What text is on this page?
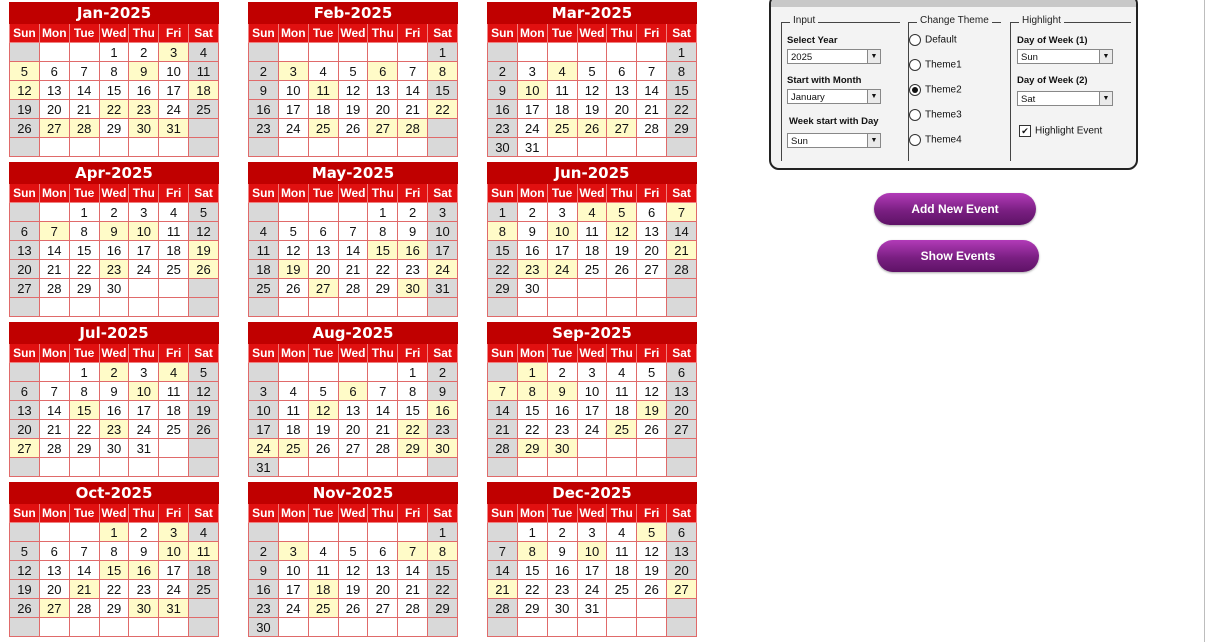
Jan-2025						
Sun	Mon	Tue	Wed	Thu	Fri	Sat
			1	2	3	4
5	6	7	8	9	10	11
12	13	14	15	16	17	18
19	20	21	22	23	24	25
26	27	28	29	30	31	

Feb-2025						
Sun	Mon	Tue	Wed	Thu	Fri	Sat
						1
2	3	4	5	6	7	8
9	10	11	12	13	14	15
16	17	18	19	20	21	22
23	24	25	26	27	28	

Mar-2025						
Sun	Mon	Tue	Wed	Thu	Fri	Sat
						1
2	3	4	5	6	7	8
9	10	11	12	13	14	15
16	17	18	19	20	21	22
23	24	25	26	27	28	29
30	31					
Apr-2025						
Sun	Mon	Tue	Wed	Thu	Fri	Sat
		1	2	3	4	5
6	7	8	9	10	11	12
13	14	15	16	17	18	19
20	21	22	23	24	25	26
27	28	29	30			

May-2025						
Sun	Mon	Tue	Wed	Thu	Fri	Sat
				1	2	3
4	5	6	7	8	9	10
11	12	13	14	15	16	17
18	19	20	21	22	23	24
25	26	27	28	29	30	31

Jun-2025						
Sun	Mon	Tue	Wed	Thu	Fri	Sat
1	2	3	4	5	6	7
8	9	10	11	12	13	14
15	16	17	18	19	20	21
22	23	24	25	26	27	28
29	30					

Jul-2025						
Sun	Mon	Tue	Wed	Thu	Fri	Sat
		1	2	3	4	5
6	7	8	9	10	11	12
13	14	15	16	17	18	19
20	21	22	23	24	25	26
27	28	29	30	31		

Aug-2025						
Sun	Mon	Tue	Wed	Thu	Fri	Sat
					1	2
3	4	5	6	7	8	9
10	11	12	13	14	15	16
17	18	19	20	21	22	23
24	25	26	27	28	29	30
31						
Sep-2025						
Sun	Mon	Tue	Wed	Thu	Fri	Sat
	1	2	3	4	5	6
7	8	9	10	11	12	13
14	15	16	17	18	19	20
21	22	23	24	25	26	27
28	29	30				

Oct-2025						
Sun	Mon	Tue	Wed	Thu	Fri	Sat
			1	2	3	4
5	6	7	8	9	10	11
12	13	14	15	16	17	18
19	20	21	22	23	24	25
26	27	28	29	30	31	

Nov-2025						
Sun	Mon	Tue	Wed	Thu	Fri	Sat
						1
2	3	4	5	6	7	8
9	10	11	12	13	14	15
16	17	18	19	20	21	22
23	24	25	26	27	28	29
30						
Dec-2025						
Sun	Mon	Tue	Wed	Thu	Fri	Sat
	1	2	3	4	5	6
7	8	9	10	11	12	13
14	15	16	17	18	19	20
21	22	23	24	25	26	27
28	29	30	31			

Input
Select Year
2025	▼
Start with Month
January	▼
Week start with Day
Sun	▼
Change Theme
Default
Theme1
Theme2
Theme3
Theme4
Highlight
Day of Week (1)
Sun	▼
Day of Week (2)
Sat	▼
✔ Highlight Event
Add New Event
Show Events
